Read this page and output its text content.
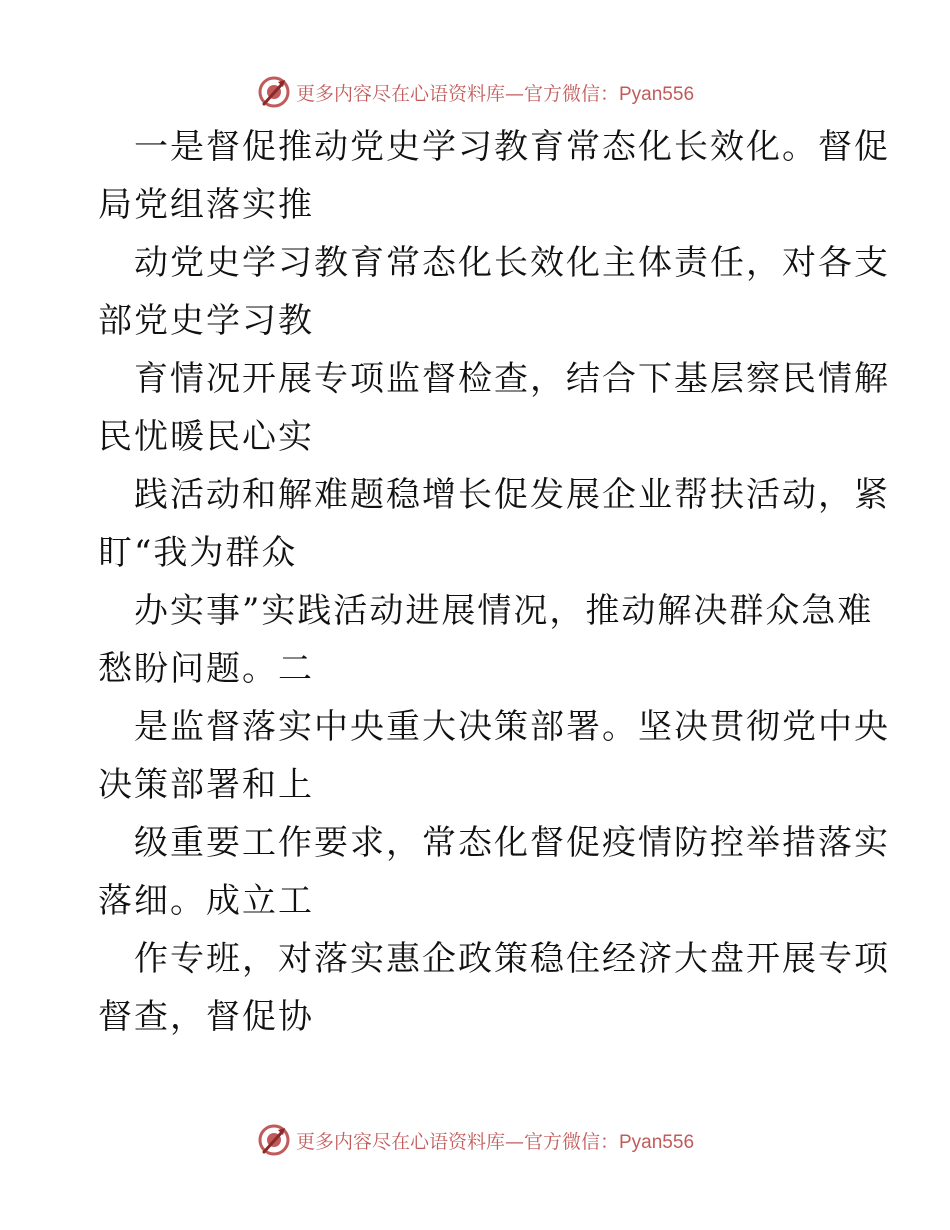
更多内容尽在心语资料库—官方微信：Pyan556
一是督促推动党史学习教育常态化长效化。督促
局党组落实推
动党史学习教育常态化长效化主体责任，对各支
部党史学习教
育情况开展专项监督检查，结合下基层察民情解
民忧暖民心实
践活动和解难题稳增长促发展企业帮扶活动，紧
盯“我为群众
办实事”实践活动进展情况，推动解决群众急难
愁盼问题。二
是监督落实中央重大决策部署。坚决贯彻党中央
决策部署和上
级重要工作要求，常态化督促疫情防控举措落实
落细。成立工
作专班，对落实惠企政策稳住经济大盘开展专项
督查，督促协
更多内容尽在心语资料库—官方微信：Pyan556
